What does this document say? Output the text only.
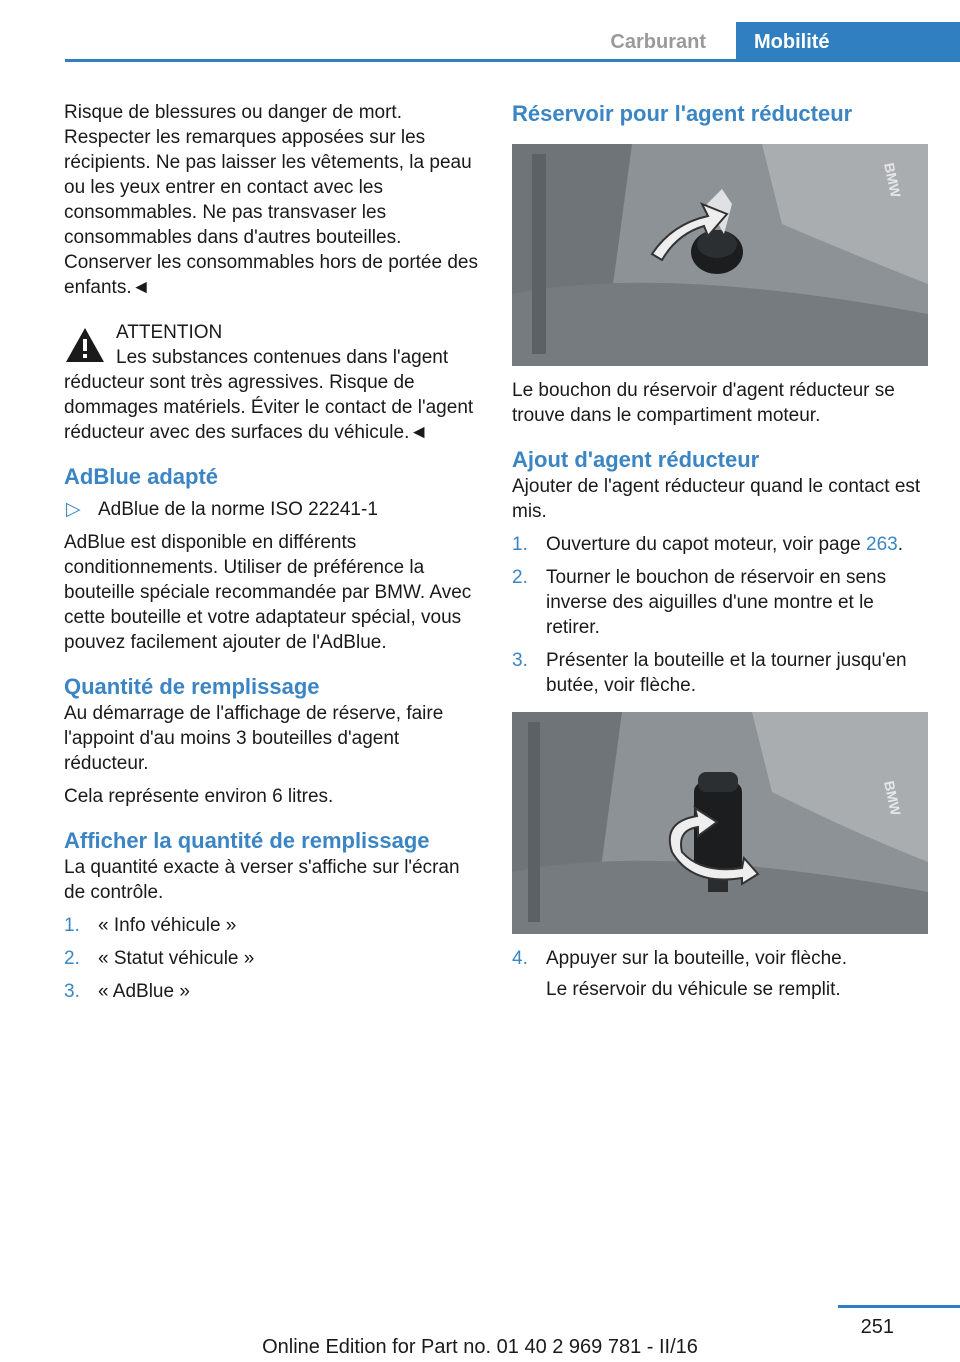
Carburant	Mobilité

Risque de blessures ou danger de mort. Respecter les remarques apposées sur les récipients. Ne pas laisser les vêtements, la peau ou les yeux entrer en contact avec les consommables. Ne pas transvaser les consommables dans d'autres bouteilles. Conserver les consommables hors de portée des enfants.◄

ATTENTION

Les substances contenues dans l'agent réducteur sont très agressives. Risque de dommages matériels. Éviter le contact de l'agent réducteur avec des surfaces du véhicule.◄

AdBlue adapté
▷ AdBlue de la norme ISO 22241-1

AdBlue est disponible en différents conditionnements. Utiliser de préférence la bouteille spéciale recommandée par BMW. Avec cette bouteille et votre adaptateur spécial, vous pouvez facilement ajouter de l'AdBlue.

Quantité de remplissage

Au démarrage de l'affichage de réserve, faire l'appoint d'au moins 3 bouteilles d'agent réducteur.

Cela représente environ 6 litres.

Afficher la quantité de remplissage

La quantité exacte à verser s'affiche sur l'écran de contrôle.

1. « Info véhicule »
2. « Statut véhicule »
3. « AdBlue »
Réservoir pour l'agent réducteur
BMW

Le bouchon du réservoir d'agent réducteur se trouve dans le compartiment moteur.

Ajout d'agent réducteur

Ajouter de l'agent réducteur quand le contact est mis.

1. Ouverture du capot moteur, voir page 263.
2. Tourner le bouchon de réservoir en sens inverse des aiguilles d'une montre et le retirer.
3. Présenter la bouteille et la tourner jusqu'en butée, voir flèche.
BMW
4. Appuyer sur la bouteille, voir flèche.

Le réservoir du véhicule se remplit.

251
Online Edition for Part no. 01 40 2 969 781 - II/16
